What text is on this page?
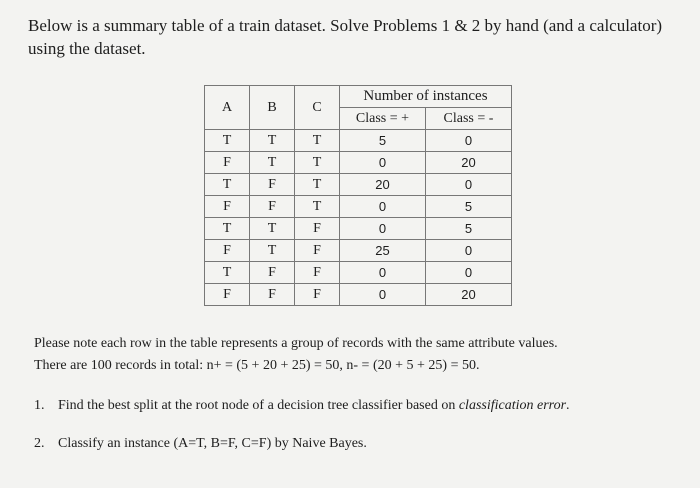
Below is a summary table of a train dataset. Solve Problems 1 & 2 by hand (and a calculator) using the dataset.
A	B	C	Number of instances	
			Class = +	Class = -
T	T	T	5	0
F	T	T	0	20
T	F	T	20	0
F	F	T	0	5
T	T	F	0	5
F	T	F	25	0
T	F	F	0	0
F	F	F	0	20
Please note each row in the table represents a group of records with the same attribute values.
There are 100 records in total: n+ = (5 + 20 + 25) = 50, n- = (20 + 5 + 25) = 50.
1. Find the best split at the root node of a decision tree classifier based on classification error.
2. Classify an instance (A=T, B=F, C=F) by Naive Bayes.
